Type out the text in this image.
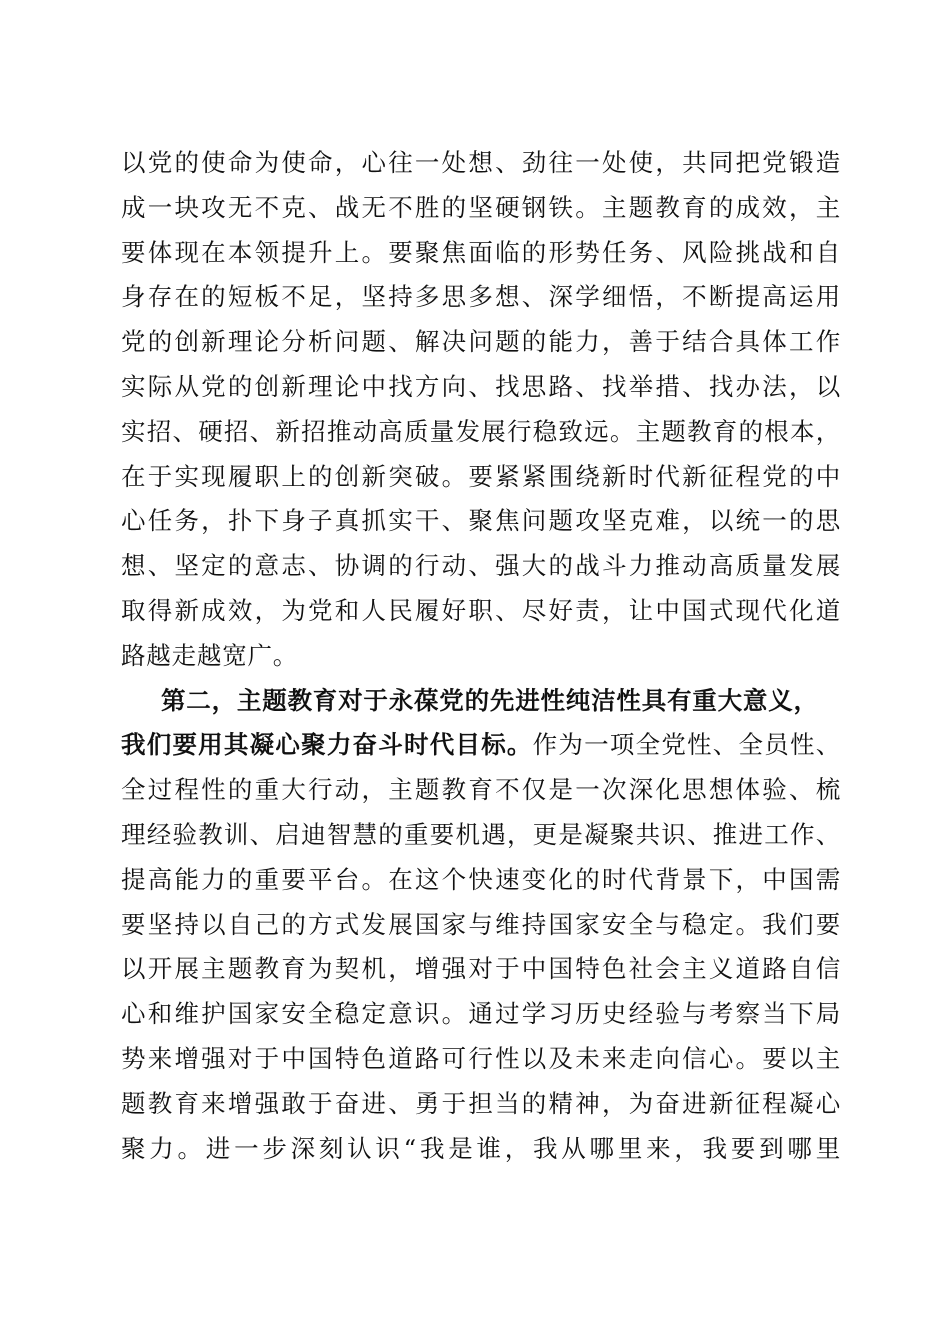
以党的使命为使命，心往一处想、劲往一处使，共同把党锻造
成一块攻无不克、战无不胜的坚硬钢铁。主题教育的成效，主
要体现在本领提升上。要聚焦面临的形势任务、风险挑战和自
身存在的短板不足，坚持多思多想、深学细悟，不断提高运用
党的创新理论分析问题、解决问题的能力，善于结合具体工作
实际从党的创新理论中找方向、找思路、找举措、找办法，以
实招、硬招、新招推动高质量发展行稳致远。主题教育的根本，
在于实现履职上的创新突破。要紧紧围绕新时代新征程党的中
心任务，扑下身子真抓实干、聚焦问题攻坚克难，以统一的思
想、坚定的意志、协调的行动、强大的战斗力推动高质量发展
取得新成效，为党和人民履好职、尽好责，让中国式现代化道
路越走越宽广。
第二，主题教育对于永葆党的先进性纯洁性具有重大意义，
我们要用其凝心聚力奋斗时代目标。作为一项全党性、全员性、
全过程性的重大行动，主题教育不仅是一次深化思想体验、梳
理经验教训、启迪智慧的重要机遇，更是凝聚共识、推进工作、
提高能力的重要平台。在这个快速变化的时代背景下，中国需
要坚持以自己的方式发展国家与维持国家安全与稳定。我们要
以开展主题教育为契机，增强对于中国特色社会主义道路自信
心和维护国家安全稳定意识。通过学习历史经验与考察当下局
势来增强对于中国特色道路可行性以及未来走向信心。要以主
题教育来增强敢于奋进、勇于担当的精神，为奋进新征程凝心
聚力。进一步深刻认识“我是谁，我从哪里来，我要到哪里
